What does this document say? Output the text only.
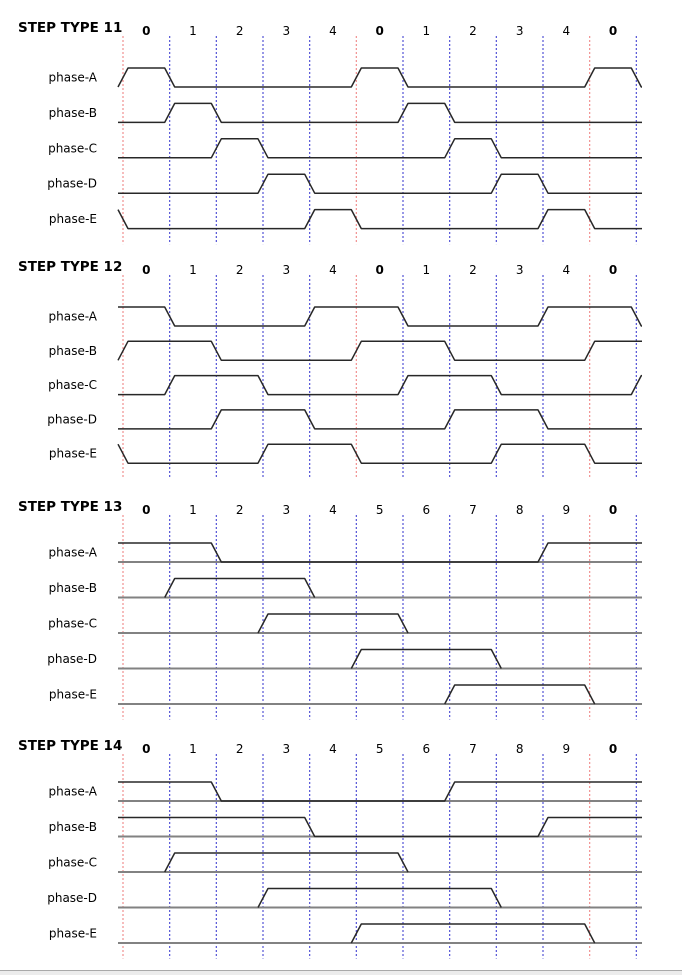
STEP TYPE 11
STEP TYPE 12
STEP TYPE 13
STEP TYPE 14
0	1	2	3	4	0	1	2	3	4	0
phase-A
phase-B
phase-C
phase-D
phase-E
0	1	2	3	4	0	1	2	3	4	0
phase-A
phase-B
phase-C
phase-D
phase-E
0	1	2	3	4	5	6	7	8	9	0
phase-A
phase-B
phase-C
phase-D
phase-E
0	1	2	3	4	5	6	7	8	9	0
phase-A
phase-B
phase-C
phase-D
phase-E
